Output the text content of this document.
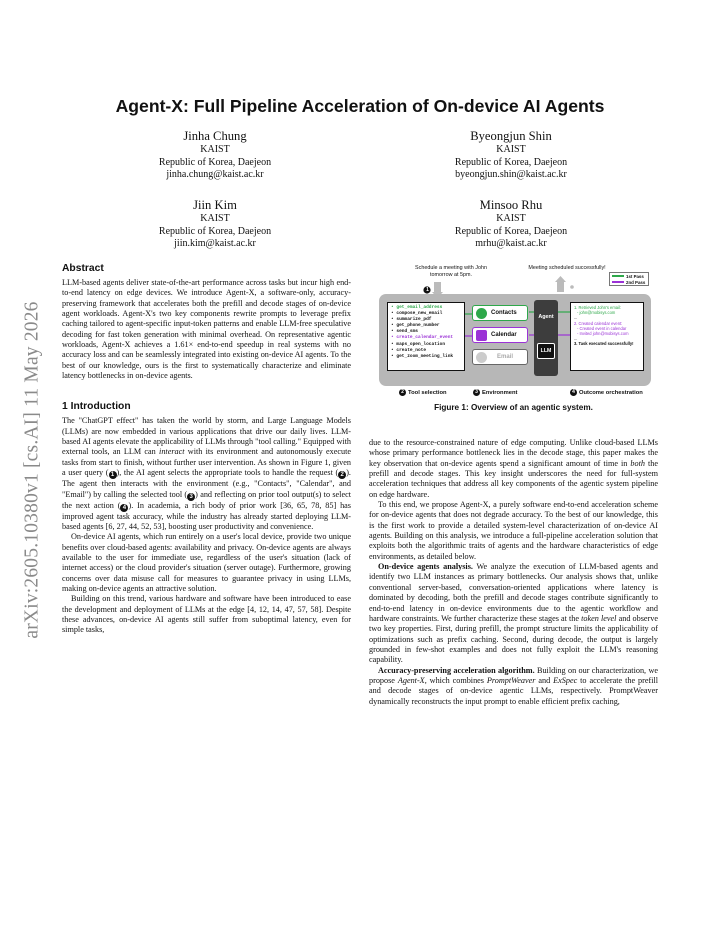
arXiv:2605.10380v1 [cs.AI] 11 May 2026
Agent-X: Full Pipeline Acceleration of On-device AI Agents
Jinha Chung
KAIST
Republic of Korea, Daejeon
jinha.chung@kaist.ac.kr
Byeongjun Shin
KAIST
Republic of Korea, Daejeon
byeongjun.shin@kaist.ac.kr
Jiin Kim
KAIST
Republic of Korea, Daejeon
jiin.kim@kaist.ac.kr
Minsoo Rhu
KAIST
Republic of Korea, Daejeon
mrhu@kaist.ac.kr
Abstract

LLM-based agents deliver state-of-the-art performance across tasks but incur high end-to-end latency on edge devices. We introduce Agent-X, a software-only, accuracy-preserving framework that accelerates both the prefill and decode stages of on-device agent workloads. Agent-X's two key components rewrite prompts to leverage prefix caching tailored to agent-specific input-token patterns and enable LLM-free speculative decoding for fast token generation with minimal overhead. On representative agentic workloads, Agent-X achieves a 1.61× end-to-end speedup in real systems with no accuracy loss and can be seamlessly integrated into existing on-device AI agents. To the best of our knowledge, ours is the first to systematically characterize and eliminate latency bottlenecks in on-device agents.

1 Introduction

The "ChatGPT effect" has taken the world by storm, and Large Language Models (LLMs) are now embedded in various applications that drive our daily lives. LLM-based AI agents elevate the applicability of LLMs through "tool calling." Equipped with external tools, an LLM can interact with its environment and autonomously execute tasks from start to finish, without further user intervention. As shown in Figure 1, given a user query ( 1 ), the AI agent selects the appropriate tools to handle the request ( 2 ). The agent then interacts with the environment (e.g., "Contacts", "Calendar", and "Email") by calling the selected tool ( 3 ) and reflecting on prior tool output(s) to select the next action ( 4 ). In academia, a rich body of prior work [36, 65, 78, 85] has improved agent task accuracy, while the industry has already started deploying LLM-based agents [6, 27, 44, 52, 53], boosting user productivity and convenience.

On-device AI agents, which run entirely on a user's local device, provide two unique benefits over cloud-based agents: availability and privacy. On-device agents are always available to the user for immediate use, regardless of the user's situation (lack of internet access) or the cloud provider's situation (server outage). Furthermore, growing concerns over data misuse call for measures to guarantee privacy in using LLMs, making on-device agents an attractive solution.

Building on this trend, various hardware and software have been introduced to ease the development and deployment of LLMs at the edge [4, 12, 14, 47, 57, 58]. Despite these advances, on-device AI agents still suffer from suboptimal latency, even for simple tasks,

Schedule a meeting with John tomorrow at 5pm.
Meeting scheduled successfully!
1st Pass
2nd Pass
1
• get_email_address
• compose_new_email
• summarize_pdf
• get_phone_number
• send_sms
• create_calendar_event
• maps_open_location
• create_note
• get_zoom_meeting_link
Contacts
Calendar
Email
Agent
LLM
1. Retrieved John's email:
- john@mobisys.com
...
2. Created calendar event:
- Created event in calendar
- Invited john@mobisys.com
...
3. Task executed successfully!
2 Tool selection	3 Environment	4 Outcome orchestration
Figure 1: Overview of an agentic system.

due to the resource-constrained nature of edge computing. Unlike cloud-based LLMs whose primary performance bottleneck lies in the decode stage, this paper makes the key observation that on-device agents spend a significant amount of time in both the prefill and decode stages. This key insight underscores the need for full-system acceleration techniques that address all key components of the agentic system pipeline on edge hardware.

To this end, we propose Agent-X, a purely software end-to-end acceleration scheme for on-device agents that does not degrade accuracy. To the best of our knowledge, this is the first work to provide a detailed system-level characterization of on-device AI agents. Building on this analysis, we introduce a full-pipeline acceleration solution that exploits both the algorithmic traits of agents and the hardware characteristics of edge environments, as detailed below.

On-device agents analysis. We analyze the execution of LLM-based agents and identify two LLM instances as primary bottlenecks. Our analysis shows that, unlike conventional server-based, conversation-oriented applications where latency is dominated by decoding, both the prefill and decode stages contribute significantly to end-to-end latency in on-device environments due to the agentic workflow and hardware constraints. We further characterize these stages at the token level and observe two key properties. First, during prefill, the prompt structure limits the applicability of optimizations such as prefix caching. Second, during decode, the output is largely grounded in few-shot examples and does not fully exploit the LLM's reasoning capability.

Accuracy-preserving acceleration algorithm. Building on our characterization, we propose Agent-X, which combines PromptWeaver and ExSpec to accelerate the prefill and decode stages of on-device agentic LLMs, respectively. PromptWeaver dynamically reconstructs the input prompt to enable efficient prefix caching,
